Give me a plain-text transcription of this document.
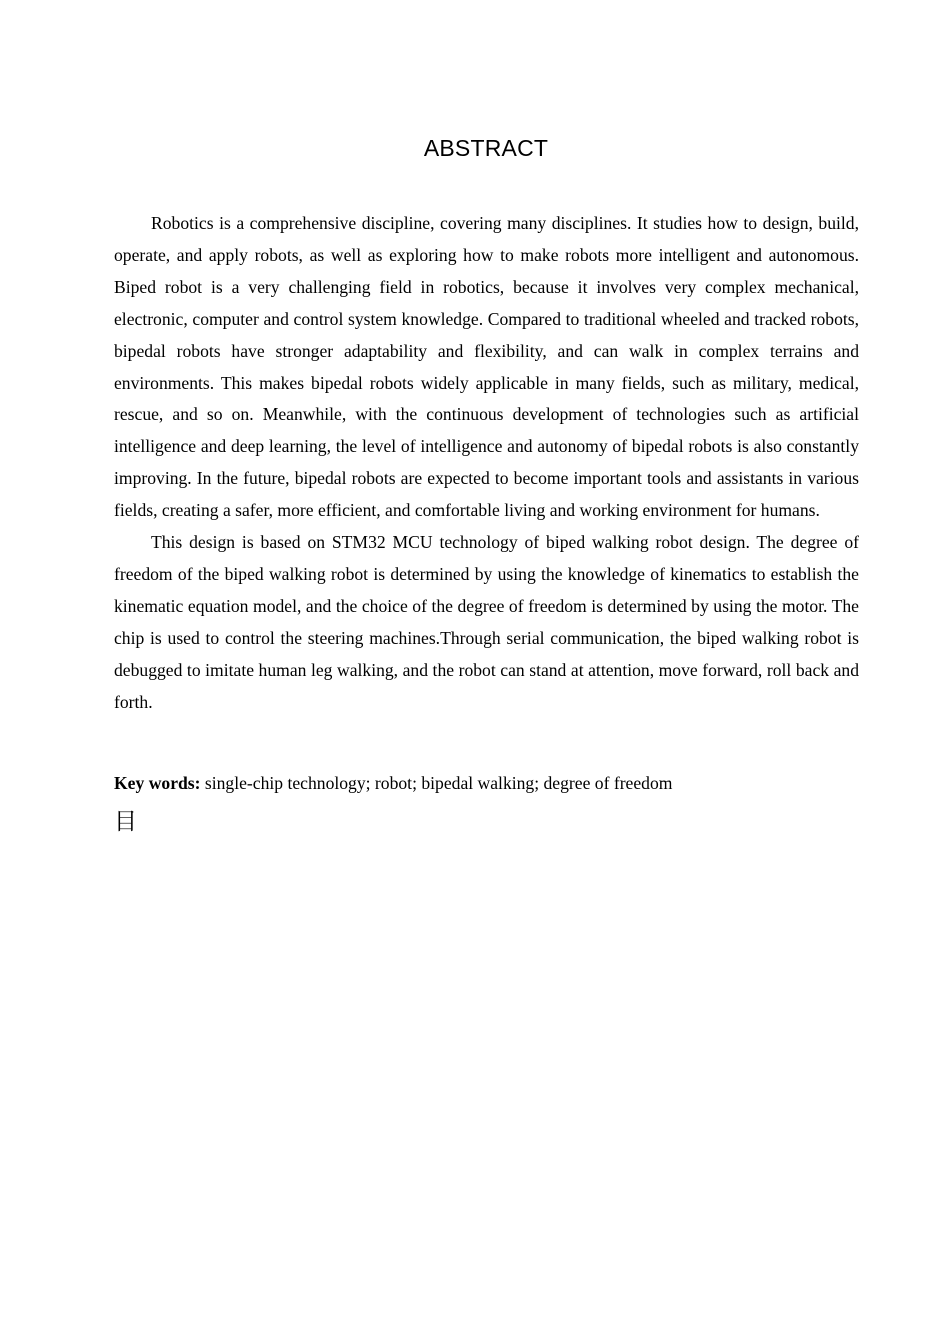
ABSTRACT

Robotics is a comprehensive discipline, covering many disciplines. It studies how to design, build, operate, and apply robots, as well as exploring how to make robots more intelligent and autonomous. Biped robot is a very challenging field in robotics, because it involves very complex mechanical, electronic, computer and control system knowledge. Compared to traditional wheeled and tracked robots, bipedal robots have stronger adaptability and flexibility, and can walk in complex terrains and environments. This makes bipedal robots widely applicable in many fields, such as military, medical, rescue, and so on. Meanwhile, with the continuous development of technologies such as artificial intelligence and deep learning, the level of intelligence and autonomy of bipedal robots is also constantly improving. In the future, bipedal robots are expected to become important tools and assistants in various fields, creating a safer, more efficient, and comfortable living and working environment for humans.

This design is based on STM32 MCU technology of biped walking robot design. The degree of freedom of the biped walking robot is determined by using the knowledge of kinematics to establish the kinematic equation model, and the choice of the degree of freedom is determined by using the motor. The chip is used to control the steering machines.Through serial communication, the biped walking robot is debugged to imitate human leg walking, and the robot can stand at attention, move forward, roll back and forth.

Key words: single-chip technology; robot; bipedal walking; degree of freedom
目
